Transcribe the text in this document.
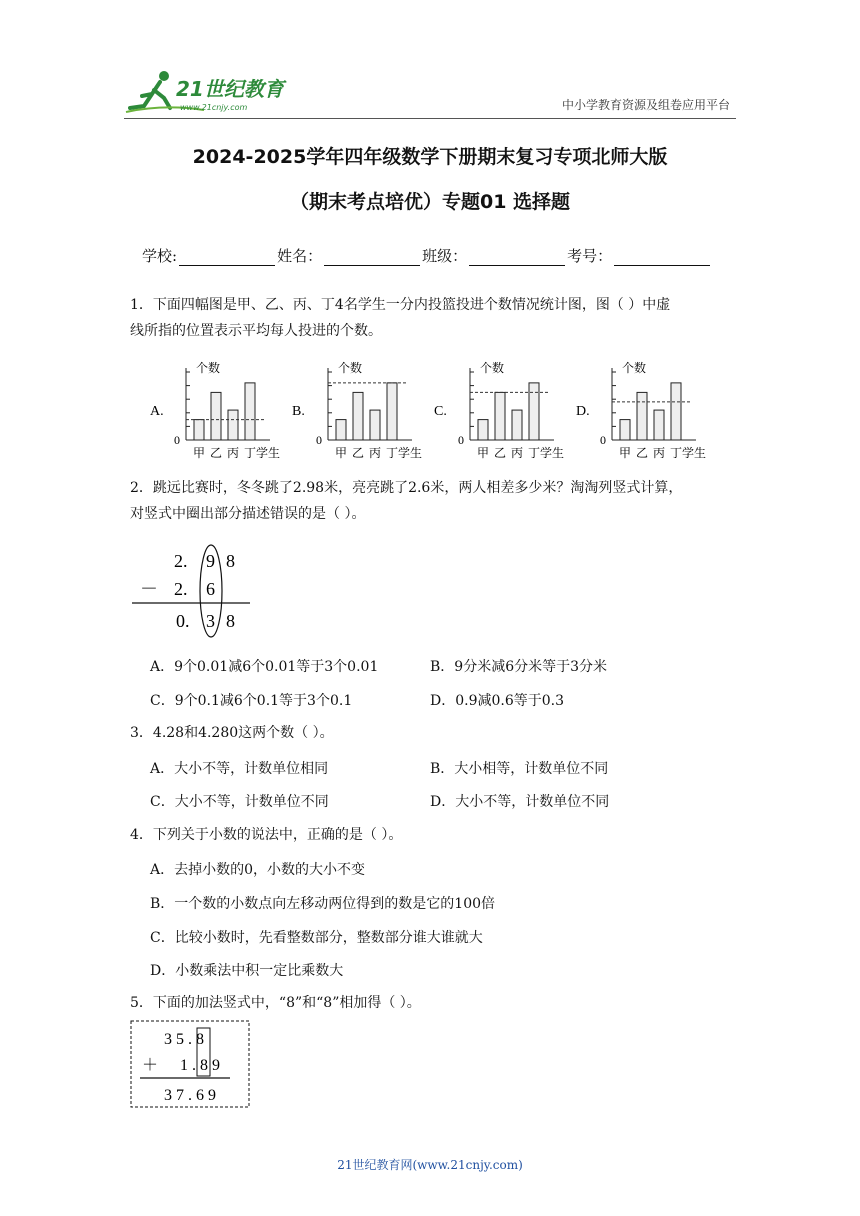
21世纪教育
www.21cnjy.com	中小学教育资源及组卷应用平台
2024-2025学年四年级数学下册期末复习专项北师大版
（期末考点培优）专题01 选择题
学校:	姓名：	班级：	考号：
1．下面四幅图是甲、乙、丙、丁4名学生一分内投篮投进个数情况统计图，图（ ）中虚
线所指的位置表示平均每人投进的个数。
A.
个数
0
甲 乙 丙 丁 学生
B.
个数
0
甲 乙 丙 丁 学生
C.
个数
0
甲 乙 丙 丁 学生
D.
个数
0
甲 乙 丙 丁 学生
2．跳远比赛时，冬冬跳了2.98米，亮亮跳了2.6米，两人相差多少米？淘淘列竖式计算，
对竖式中圈出部分描述错误的是（ ）。
2. 9 8
－ 2. 6
0. 3 8
A．9个0.01减6个0.01等于3个0.01	B．9分米减6分米等于3分米
C．9个0.1减6个0.1等于3个0.1	D．0.9减0.6等于0.3
3．4.28和4.280这两个数（ ）。
A．大小不等，计数单位相同	B．大小相等，计数单位不同
C．大小不等，计数单位不同	D．大小不等，计数单位不同
4．下列关于小数的说法中，正确的是（ ）。
A．去掉小数的0，小数的大小不变
B．一个数的小数点向左移动两位得到的数是它的100倍
C．比较小数时，先看整数部分，整数部分谁大谁就大
D．小数乘法中积一定比乘数大
5．下面的加法竖式中，“8”和“8”相加得（ ）。
3 5 . 8
＋ 1 . 8 9
3 7 . 6 9
21世纪教育网(www.21cnjy.com)
